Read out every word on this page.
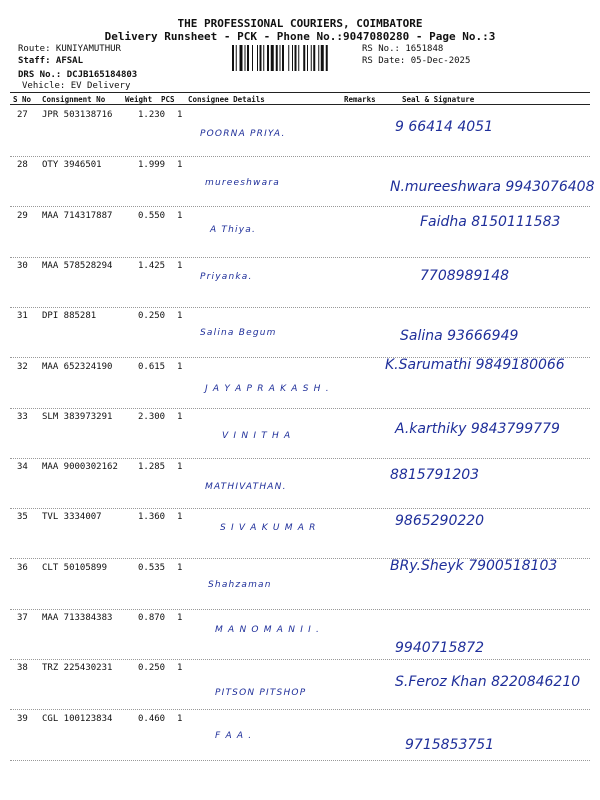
THE PROFESSIONAL COURIERS, COIMBATORE
Delivery Runsheet - PCK - Phone No.:9047080280 - Page No.:3
Route: KUNIYAMUTHUR
Staff: AFSAL
DRS No.: DCJB165184803
Vehicle: EV Delivery
RS No.: 1651848
RS Date: 05-Dec-2025
S No Consignment No	Weight PCS Consignee Details	Remarks	Seal & Signature
27 JPR 503138716	1.230 1
POORNA PRIYA.	9 66414 4051
28 OTY 3946501	1.999 1
mureeshwara	N.mureeshwara 9943076408
29 MAA 714317887	0.550 1
A Thiya.	Faidha 8150111583
30 MAA 578528294	1.425 1
Priyanka.	7708989148
31 DPI 885281	0.250 1
Salina Begum	Salina 93666949
32 MAA 652324190	0.615 1
J A Y A P R A K A S H .
K.Sarumathi 9849180066
33 SLM 383973291	2.300 1
V I N I T H A	A.karthiky 9843799779
34 MAA 9000302162 1.285 1
MATHIVATHAN.
8815791203
35 TVL 3334007	1.360 1
S I V A K U M A R	9865290220
36 CLT 50105899	0.535 1
Shahzaman
BRy.Sheyk 7900518103
37 MAA 713384383	0.870 1
M A N O M A N I I .
9940715872
38 TRZ 225430231	0.250 1
PITSON PITSHOP
S.Feroz Khan 8220846210
39 CGL 100123834	0.460 1
F A A .
9715853751
